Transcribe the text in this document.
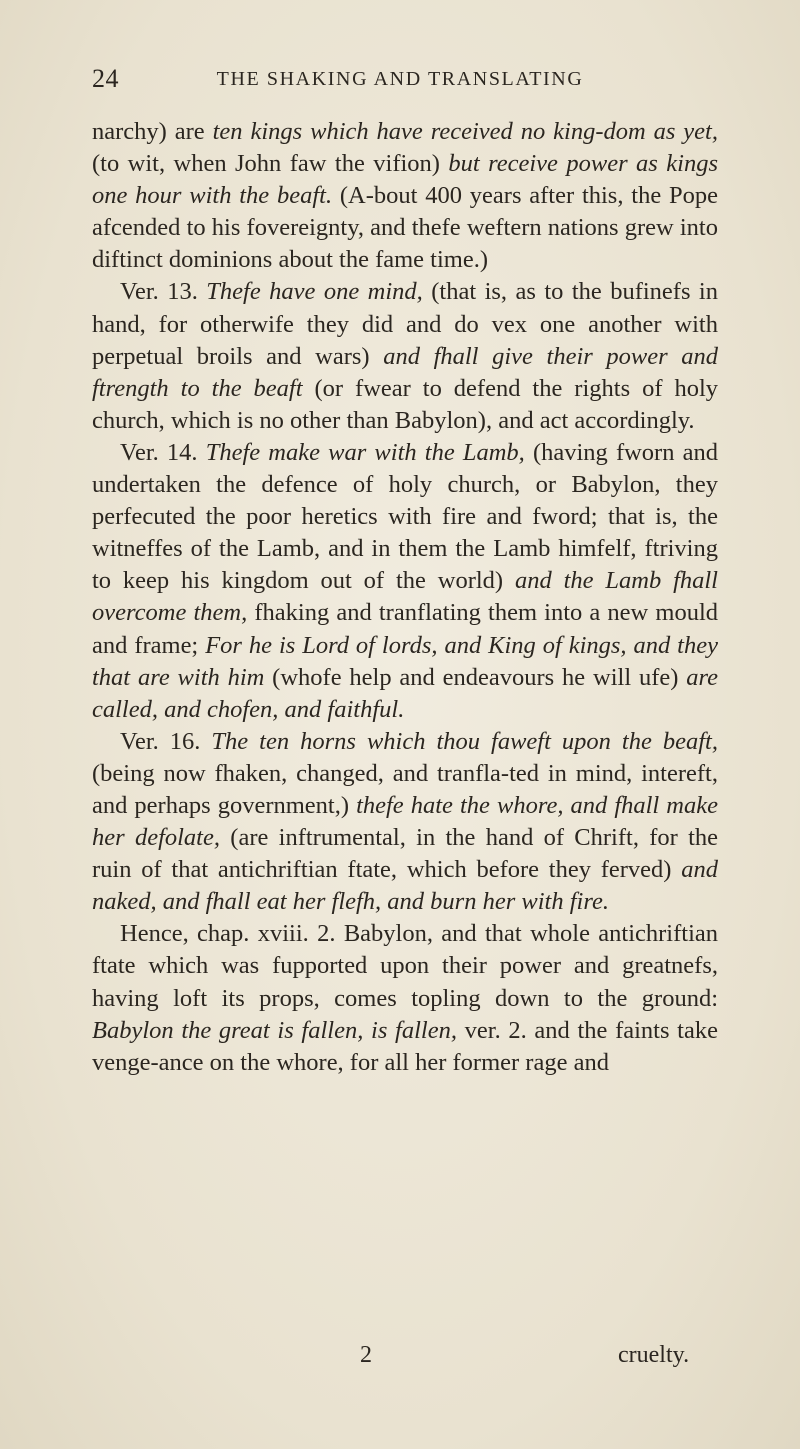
24	THE SHAKING AND TRANSLATING

narchy) are ten kings which have received no king-dom as yet, (to wit, when John faw the vifion) but receive power as kings one hour with the beaft. (A-bout 400 years after this, the Pope afcended to his fovereignty, and thefe weftern nations grew into diftinct dominions about the fame time.)

Ver. 13. Thefe have one mind, (that is, as to the bufinefs in hand, for otherwife they did and do vex one another with perpetual broils and wars) and fhall give their power and ftrength to the beaft (or fwear to defend the rights of holy church, which is no other than Babylon), and act accordingly.

Ver. 14. Thefe make war with the Lamb, (having fworn and undertaken the defence of holy church, or Babylon, they perfecuted the poor heretics with fire and fword; that is, the witneffes of the Lamb, and in them the Lamb himfelf, ftriving to keep his kingdom out of the world) and the Lamb fhall overcome them, fhaking and tranflating them into a new mould and frame; For he is Lord of lords, and King of kings, and they that are with him (whofe help and endeavours he will ufe) are called, and chofen, and faithful.

Ver. 16. The ten horns which thou faweft upon the beaft, (being now fhaken, changed, and tranfla-ted in mind, intereft, and perhaps government,) thefe hate the whore, and fhall make her defolate, (are inftrumental, in the hand of Chrift, for the ruin of that antichriftian ftate, which before they ferved) and naked, and fhall eat her flefh, and burn her with fire.

Hence, chap. xviii. 2. Babylon, and that whole antichriftian ftate which was fupported upon their power and greatnefs, having loft its props, comes topling down to the ground: Babylon the great is fallen, is fallen, ver. 2. and the faints take venge-ance on the whore, for all her former rage and

2	cruelty.
